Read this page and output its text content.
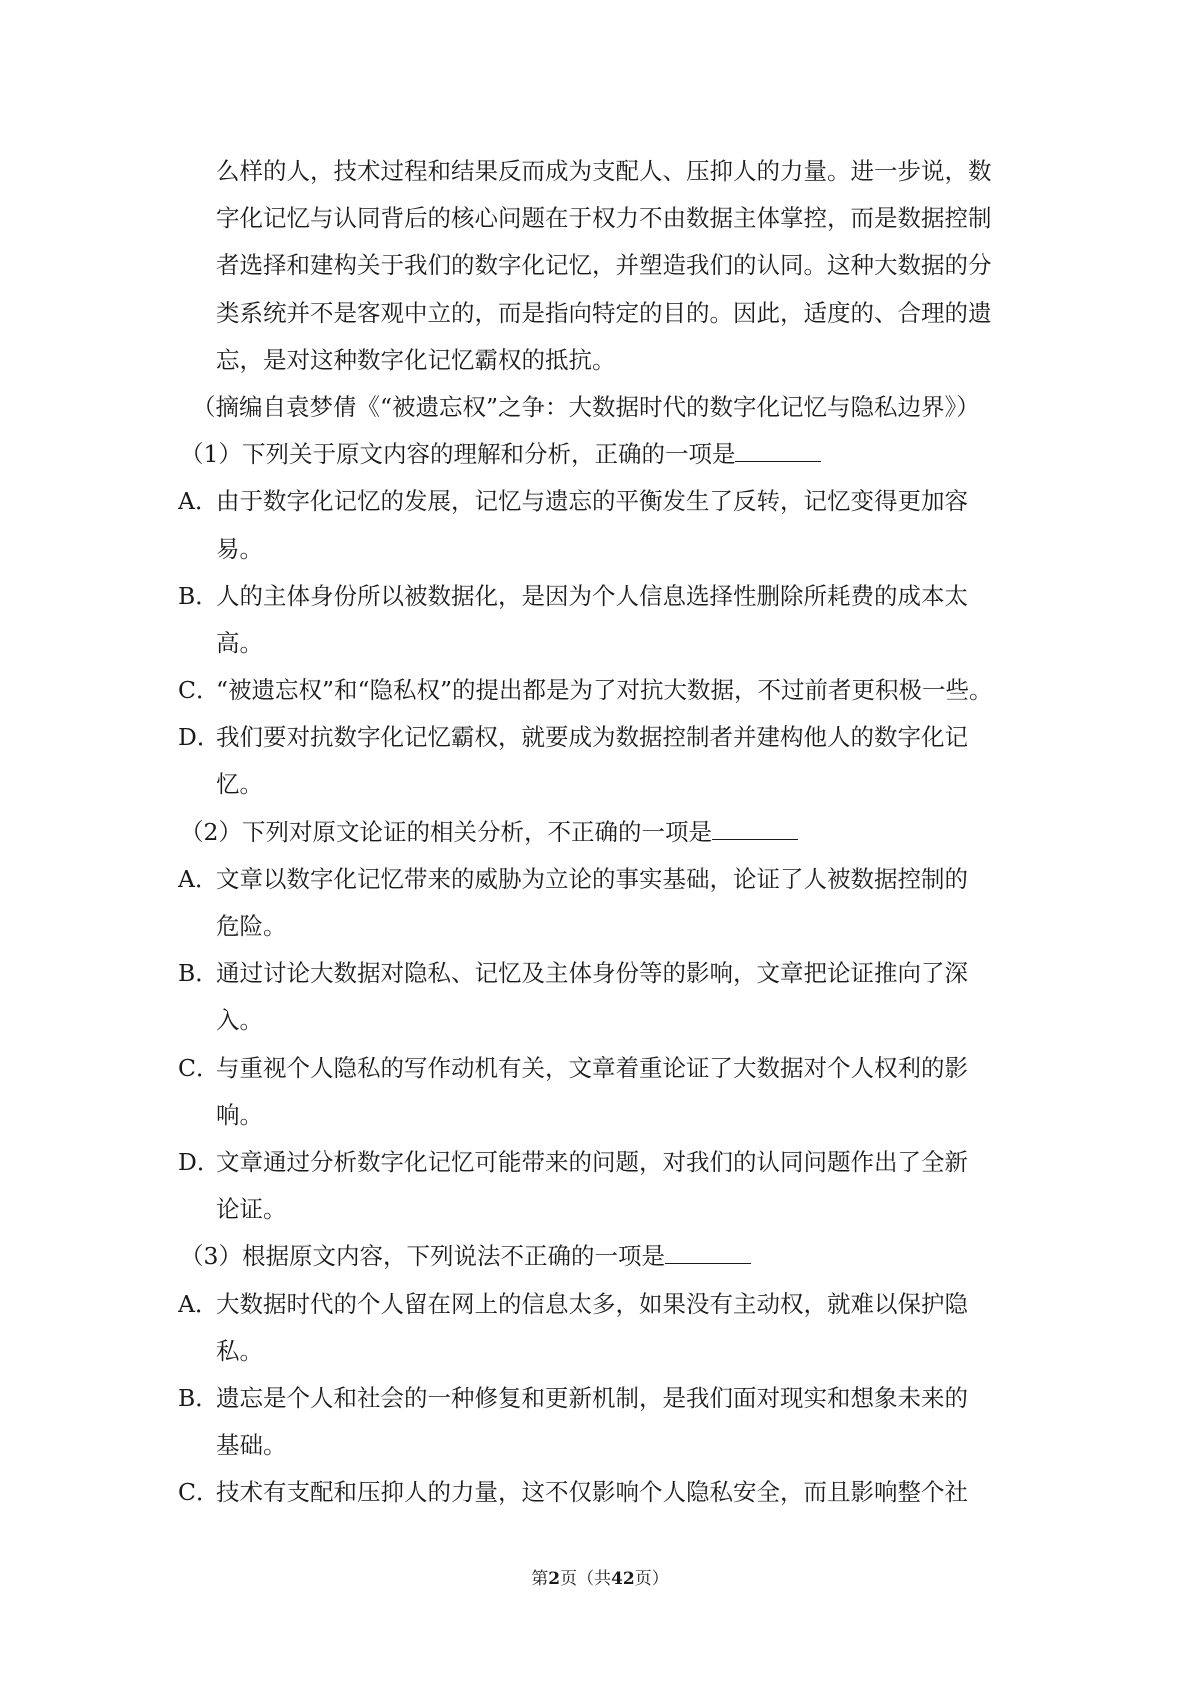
么样的人，技术过程和结果反而成为支配人、压抑人的力量。进一步说，数
字化记忆与认同背后的核心问题在于权力不由数据主体掌控，而是数据控制
者选择和建构关于我们的数字化记忆，并塑造我们的认同。这种大数据的分
类系统并不是客观中立的，而是指向特定的目的。因此，适度的、合理的遗
忘，是对这种数字化记忆霸权的抵抗。
（摘编自袁梦倩《“被遗忘权”之争：大数据时代的数字化记忆与隐私边界》）
（1）下列关于原文内容的理解和分析，正确的一项是
A．由于数字化记忆的发展，记忆与遗忘的平衡发生了反转，记忆变得更加容
易。
B．人的主体身份所以被数据化，是因为个人信息选择性删除所耗费的成本太
高。
C．“被遗忘权”和“隐私权”的提出都是为了对抗大数据，不过前者更积极一些。
D．我们要对抗数字化记忆霸权，就要成为数据控制者并建构他人的数字化记
忆。
（2）下列对原文论证的相关分析，不正确的一项是
A．文章以数字化记忆带来的威胁为立论的事实基础，论证了人被数据控制的
危险。
B．通过讨论大数据对隐私、记忆及主体身份等的影响，文章把论证推向了深
入。
C．与重视个人隐私的写作动机有关，文章着重论证了大数据对个人权利的影
响。
D．文章通过分析数字化记忆可能带来的问题，对我们的认同问题作出了全新
论证。
（3）根据原文内容，下列说法不正确的一项是
A．大数据时代的个人留在网上的信息太多，如果没有主动权，就难以保护隐
私。
B．遗忘是个人和社会的一种修复和更新机制，是我们面对现实和想象未来的
基础。
C．技术有支配和压抑人的力量，这不仅影响个人隐私安全，而且影响整个社
第2页（共42页）
